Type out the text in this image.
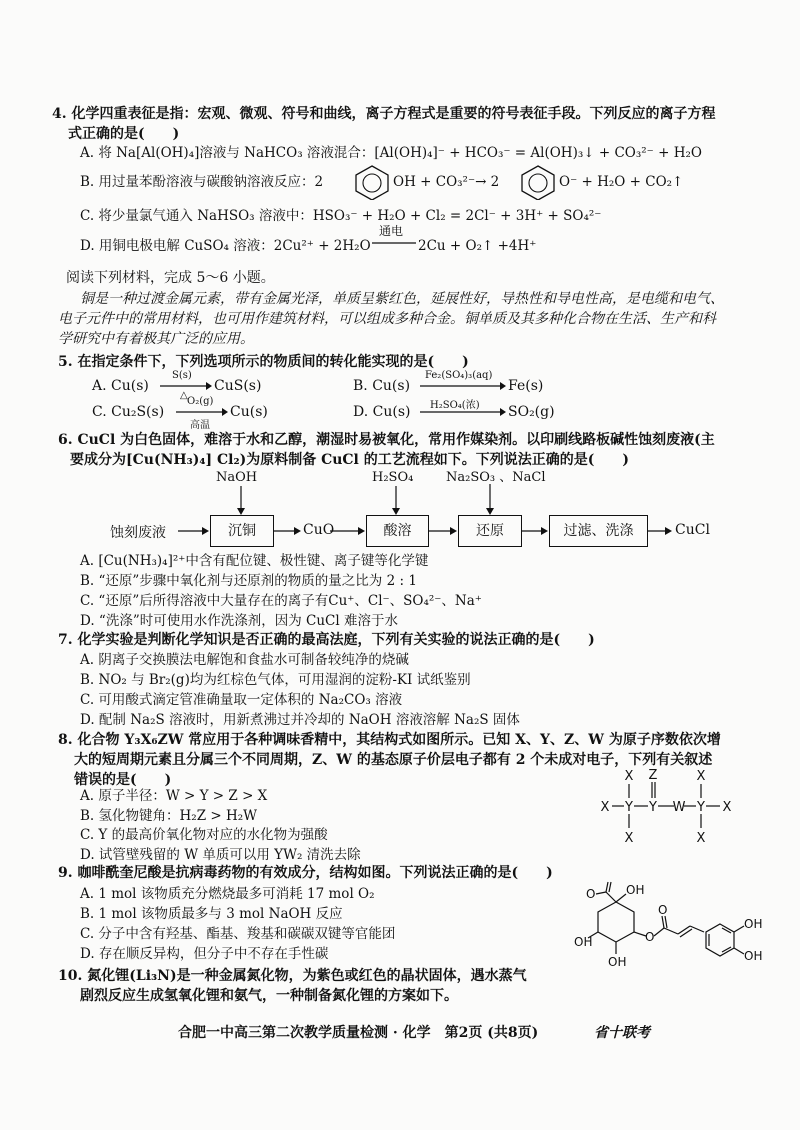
4. 化学四重表征是指：宏观、微观、符号和曲线，离子方程式是重要的符号表征手段。下列反应的离子方程
式正确的是(　　)
A. 将 Na[Al(OH)₄]溶液与 NaHCO₃ 溶液混合：[Al(OH)₄]⁻ + HCO₃⁻ = Al(OH)₃↓ + CO₃²⁻ + H₂O
B. 用过量苯酚溶液与碳酸钠溶液反应：2	OH + CO₃²⁻→ 2	O⁻ + H₂O + CO₂↑
C. 将少量氯气通入 NaHSO₃ 溶液中：HSO₃⁻ + H₂O + Cl₂ = 2Cl⁻ + 3H⁺ + SO₄²⁻
D. 用铜电极电解 CuSO₄ 溶液：2Cu²⁺ + 2H₂O
通电
2Cu + O₂↑ +4H⁺
阅读下列材料，完成 5～6 小题。
铜是一种过渡金属元素，带有金属光泽，单质呈紫红色，延展性好，导热性和导电性高，是电缆和电气、
电子元件中的常用材料，也可用作建筑材料，可以组成多种合金。铜单质及其多种化合物在生活、生产和科
学研究中有着极其广泛的应用。
5. 在指定条件下，下列选项所示的物质间的转化能实现的是(　　)
A. Cu(s)
S(s)
△
CuS(s)	B. Cu(s)
Fe₂(SO₄)₃(aq)
Fe(s)
C. Cu₂S(s)
O₂(g)
高温
Cu(s)	D. Cu(s) H₂SO₄(浓) SO₂(g)
6. CuCl 为白色固体，难溶于水和乙醇，潮湿时易被氧化，常用作媒染剂。以印刷线路板碱性蚀刻废液(主
要成分为[Cu(NH₃)₄] Cl₂)为原料制备 CuCl 的工艺流程如下。下列说法正确的是(　　)
NaOH	H₂SO₄	Na₂SO₃ 、NaCl
蚀刻废液	沉铜	CuO	酸溶	还原	过滤、洗涤	CuCl
A. [Cu(NH₃)₄]²⁺中含有配位键、极性键、离子键等化学键
B. “还原”步骤中氧化剂与还原剂的物质的量之比为 2 : 1
C. “还原”后所得溶液中大量存在的离子有Cu⁺、Cl⁻、SO₄²⁻、Na⁺
D. “洗涤”时可使用水作洗涤剂，因为 CuCl 难溶于水
7. 化学实验是判断化学知识是否正确的最高法庭，下列有关实验的说法正确的是(　　)
A. 阴离子交换膜法电解饱和食盐水可制备较纯净的烧碱
B. NO₂ 与 Br₂(g)均为红棕色气体，可用湿润的淀粉-KI 试纸鉴别
C. 可用酸式滴定管准确量取一定体积的 Na₂CO₃ 溶液
D. 配制 Na₂S 溶液时，用新煮沸过并冷却的 NaOH 溶液溶解 Na₂S 固体
8. 化合物 Y₃X₆ZW 常应用于各种调味香精中，其结构式如图所示。已知 X、Y、Z、W 为原子序数依次增
大的短周期元素且分属三个不同周期，Z、W 的基态原子价层电子都有 2 个未成对电子，下列有关叙述
错误的是(　　)
A. 原子半径：W > Y > Z > X
B. 氢化物键角：H₂Z > H₂W
C. Y 的最高价氧化物对应的水化物为强酸
D. 试管壁残留的 W 单质可以用 YW₂ 清洗去除
X Y Y W Y X
X Z	X
X	X
9. 咖啡酰奎尼酸是抗病毒药物的有效成分，结构如图。下列说法正确的是(　　)
A. 1 mol 该物质充分燃烧最多可消耗 17 mol O₂
B. 1 mol 该物质最多与 3 mol NaOH 反应
C. 分子中含有羟基、酯基、羧基和碳碳双键等官能团
D. 存在顺反异构，但分子中不存在手性碳
O	OH
OH
OH
O
O
OH
OH
10. 氮化锂(Li₃N)是一种金属氮化物，为紫色或红色的晶状固体，遇水蒸气
剧烈反应生成氢氧化锂和氨气，一种制备氮化锂的方案如下。
合肥一中高三第二次教学质量检测 · 化学　第2页 (共8页)	省十联考
